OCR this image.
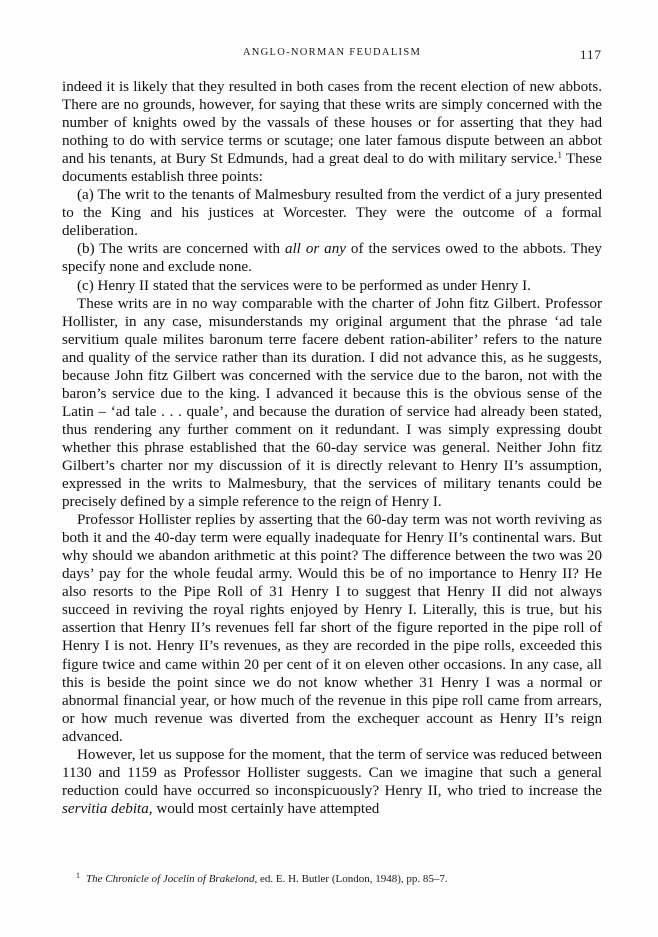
ANGLO-NORMAN FEUDALISM	117

indeed it is likely that they resulted in both cases from the recent election of new abbots. There are no grounds, however, for saying that these writs are simply concerned with the number of knights owed by the vassals of these houses or for asserting that they had nothing to do with service terms or scutage; one later famous dispute between an abbot and his tenants, at Bury St Edmunds, had a great deal to do with military service.$^1$ These documents establish three points:

(a) The writ to the tenants of Malmesbury resulted from the verdict of a jury presented to the King and his justices at Worcester. They were the outcome of a formal deliberation.

(b) The writs are concerned with all or any of the services owed to the abbots. They specify none and exclude none.

(c) Henry II stated that the services were to be performed as under Henry I.

These writs are in no way comparable with the charter of John fitz Gilbert. Professor Hollister, in any case, misunderstands my original argument that the phrase ‘ad tale servitium quale milites baronum terre facere debent ration-abiliter’ refers to the nature and quality of the service rather than its duration. I did not advance this, as he suggests, because John fitz Gilbert was concerned with the service due to the baron, not with the baron’s service due to the king. I advanced it because this is the obvious sense of the Latin – ‘ad tale . . . quale’, and because the duration of service had already been stated, thus rendering any further comment on it redundant. I was simply expressing doubt whether this phrase established that the 60-day service was general. Neither John fitz Gilbert’s charter nor my discussion of it is directly relevant to Henry II’s assumption, expressed in the writs to Malmesbury, that the services of military tenants could be precisely defined by a simple reference to the reign of Henry I.

Professor Hollister replies by asserting that the 60-day term was not worth reviving as both it and the 40-day term were equally inadequate for Henry II’s continental wars. But why should we abandon arithmetic at this point? The difference between the two was 20 days’ pay for the whole feudal army. Would this be of no importance to Henry II? He also resorts to the Pipe Roll of 31 Henry I to suggest that Henry II did not always succeed in reviving the royal rights enjoyed by Henry I. Literally, this is true, but his assertion that Henry II’s revenues fell far short of the figure reported in the pipe roll of Henry I is not. Henry II’s revenues, as they are recorded in the pipe rolls, exceeded this figure twice and came within 20 per cent of it on eleven other occasions. In any case, all this is beside the point since we do not know whether 31 Henry I was a normal or abnormal financial year, or how much of the revenue in this pipe roll came from arrears, or how much revenue was diverted from the exchequer account as Henry II’s reign advanced.

However, let us suppose for the moment, that the term of service was reduced between 1130 and 1159 as Professor Hollister suggests. Can we imagine that such a general reduction could have occurred so inconspicuously? Henry II, who tried to increase the servitia debita, would most certainly have attempted

$^1$ The Chronicle of Jocelin of Brakelond, ed. E. H. Butler (London, 1948), pp. 85–7.
